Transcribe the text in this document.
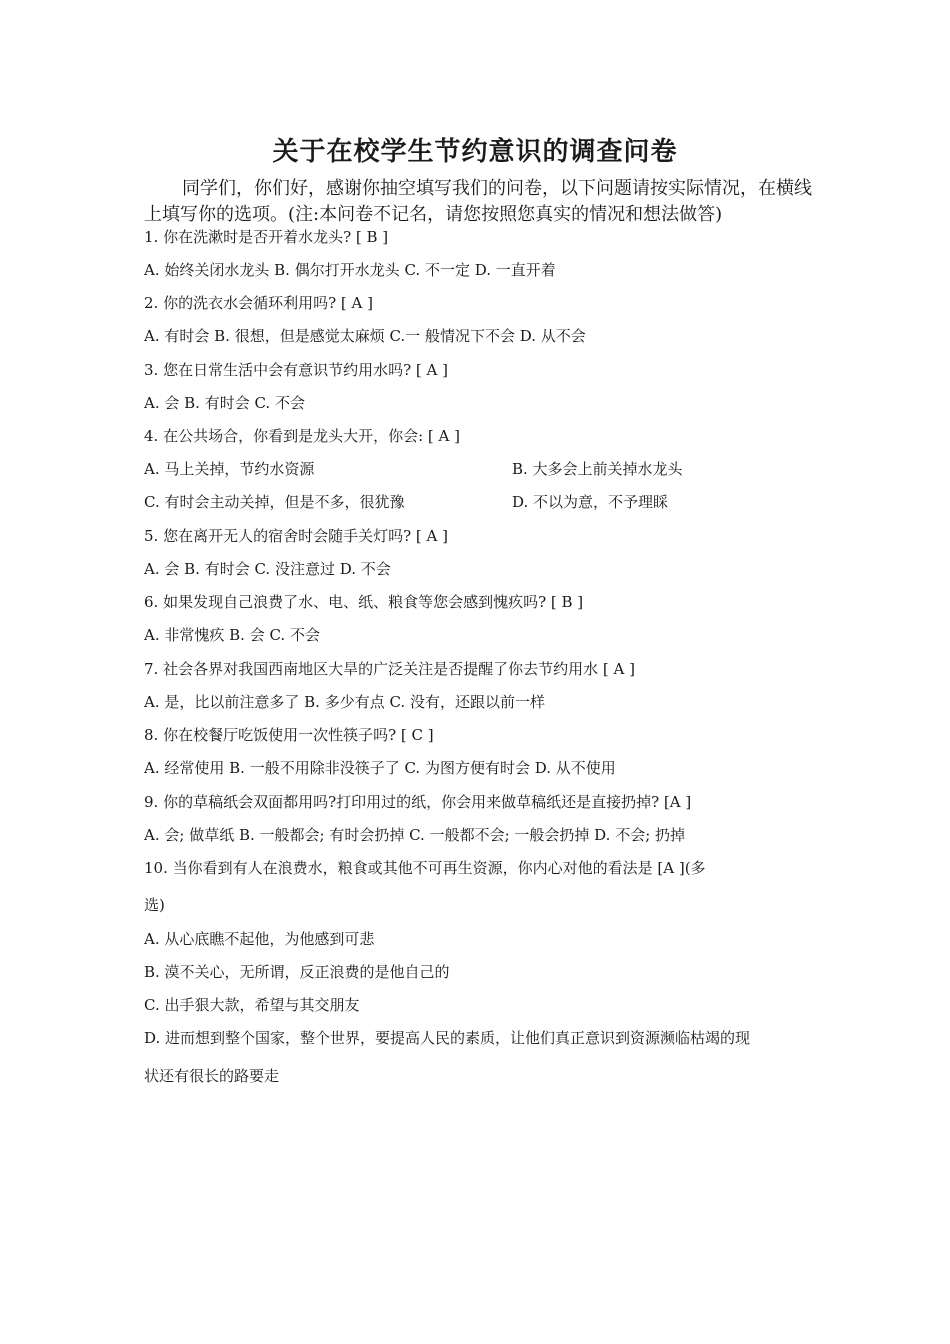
关于在校学生节约意识的调查问卷
同学们，你们好，感谢你抽空填写我们的问卷，以下问题请按实际情况，在横线上填写你的选项。(注:本问卷不记名，请您按照您真实的情况和想法做答)
1. 你在洗漱时是否开着水龙头? [ B ]
A. 始终关闭水龙头 B. 偶尔打开水龙头 C. 不一定 D. 一直开着
2. 你的洗衣水会循环利用吗? [ A ]
A. 有时会 B. 很想，但是感觉太麻烦 C.一 般情况下不会 D. 从不会
3. 您在日常生活中会有意识节约用水吗? [ A ]
A. 会 B. 有时会 C. 不会
4. 在公共场合，你看到是龙头大开，你会: [ A ]
A. 马上关掉，节约水资源	B. 大多会上前关掉水龙头
C. 有时会主动关掉，但是不多，很犹豫	D. 不以为意，不予理睬
5. 您在离开无人的宿舍时会随手关灯吗? [ A ]
A. 会 B. 有时会 C. 没注意过 D. 不会
6. 如果发现自己浪费了水、电、纸、粮食等您会感到愧疚吗? [ B ]
A. 非常愧疚 B. 会 C. 不会
7. 社会各界对我国西南地区大旱的广泛关注是否提醒了你去节约用水 [ A ]
A. 是，比以前注意多了 B. 多少有点 C. 没有，还跟以前一样
8. 你在校餐厅吃饭使用一次性筷子吗? [ C ]
A. 经常使用 B. 一般不用除非没筷子了 C. 为图方便有时会 D. 从不使用
9. 你的草稿纸会双面都用吗?打印用过的纸，你会用来做草稿纸还是直接扔掉? [A ]
A. 会; 做草纸 B. 一般都会; 有时会扔掉 C. 一般都不会; 一般会扔掉 D. 不会; 扔掉
10. 当你看到有人在浪费水，粮食或其他不可再生资源，你内心对他的看法是 [A ](多
选)
A. 从心底瞧不起他，为他感到可悲
B. 漠不关心，无所谓，反正浪费的是他自己的
C. 出手狠大款，希望与其交朋友
D. 进而想到整个国家，整个世界，要提高人民的素质，让他们真正意识到资源濒临枯竭的现
状还有很长的路要走
